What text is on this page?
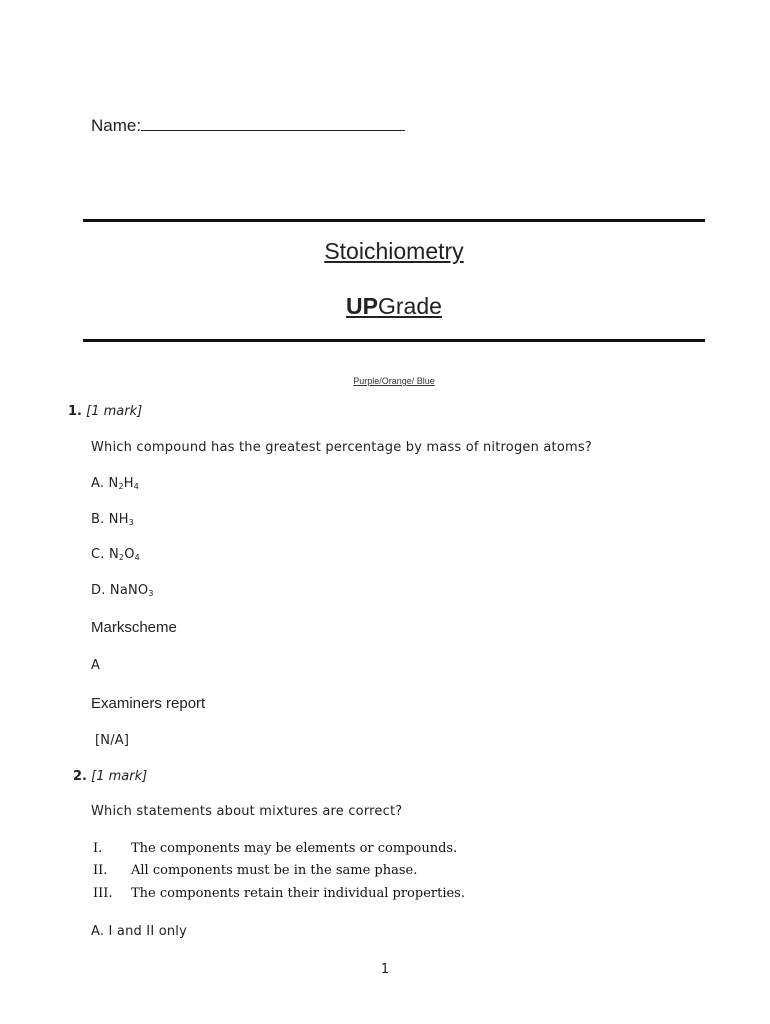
Name:
Stoichiometry
UPGrade
Purple/Orange/ Blue
1. [1 mark]
Which compound has the greatest percentage by mass of nitrogen atoms?
A. $N_2H_4$
B. $NH_3$
C. $N_2O_4$
D. NaNO$_3$
Markscheme
A
Examiners report
[N/A]
2. [1 mark]
Which statements about mixtures are correct?
I. The components may be elements or compounds.
II. All components must be in the same phase.
III. The components retain their individual properties.
A. I and II only
1
